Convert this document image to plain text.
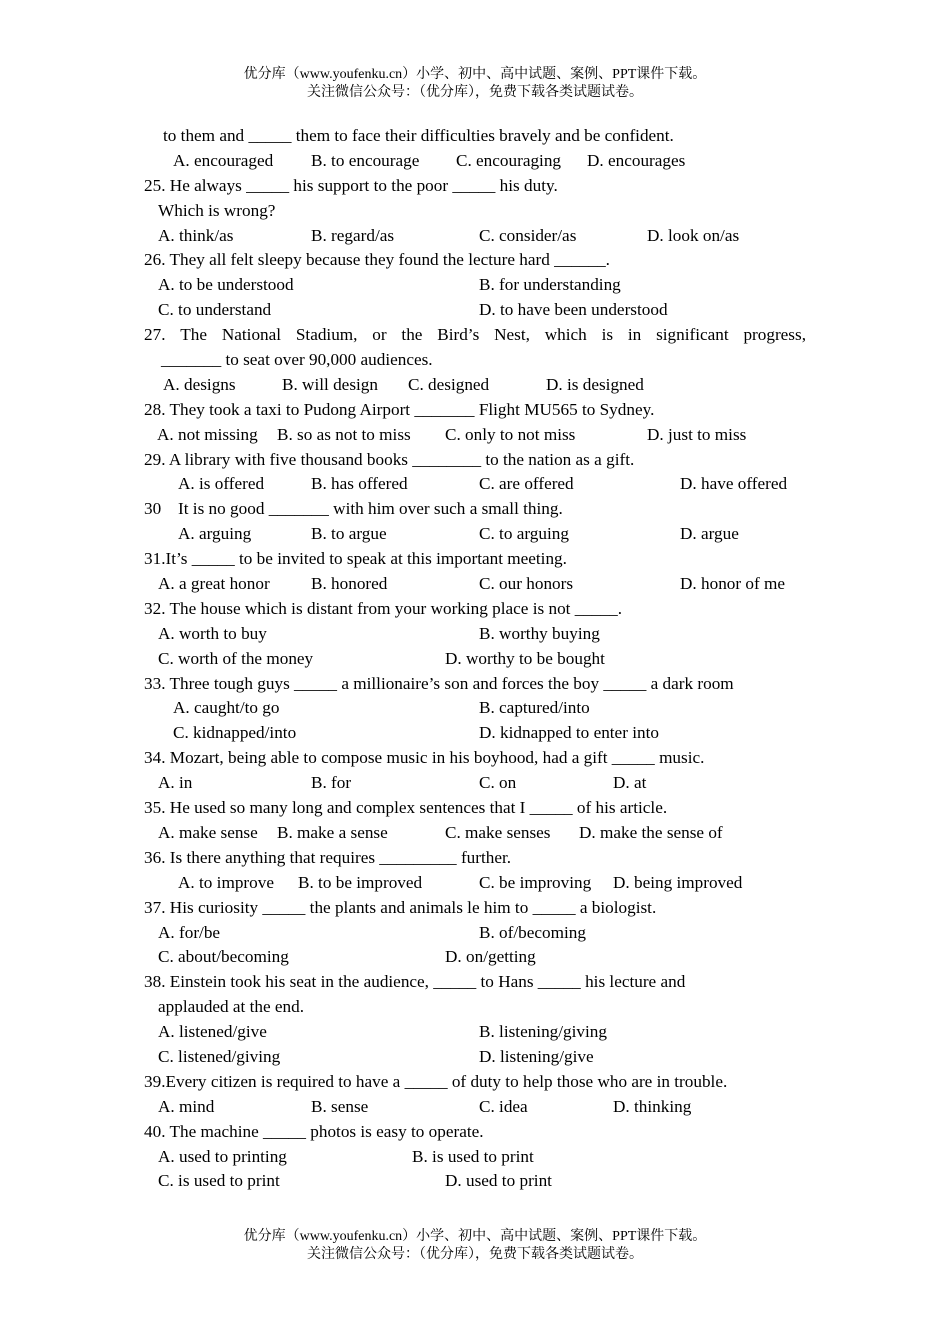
优分库（www.youfenku.cn）小学、初中、高中试题、案例、PPT课件下载。
关注微信公众号：（优分库），免费下载各类试题试卷。
to them and _____ them to face their difficulties bravely and be confident.
A. encouraged B. to encourage C. encouraging D. encourages
25. He always _____ his support to the poor _____ his duty.
Which is wrong?
A. think/as	B. regard/as	C. consider/as	D. look on/as
26. They all felt sleepy because they found the lecture hard ______.
A. to be understood	B. for understanding
C. to understand	D. to have been understood
27. The National Stadium, or the Bird’s Nest, which is in significant progress,
_______ to seat over 90,000 audiences.
A. designs	B. will design C. designed	D. is designed
28. They took a taxi to Pudong Airport _______ Flight MU565 to Sydney.
A. not missing B. so as not to miss C. only to not miss	D. just to miss
29. A library with five thousand books ________ to the nation as a gift.
A. is offered	B. has offered	C. are offered	D. have offered
30 It is no good _______ with him over such a small thing.
A. arguing	B. to argue	C. to arguing	D. argue
31.It’s _____ to be invited to speak at this important meeting.
A. a great honor B. honored	C. our honors	D. honor of me
32. The house which is distant from your working place is not _____.
A. worth to buy	B. worthy buying
C. worth of the money	D. worthy to be bought
33. Three tough guys _____ a millionaire’s son and forces the boy _____ a dark room
A. caught/to go	B. captured/into
C. kidnapped/into	D. kidnapped to enter into
34. Mozart, being able to compose music in his boyhood, had a gift _____ music.
A. in	B. for	C. on	D. at
35. He used so many long and complex sentences that I _____ of his article.
A. make sense B. make a sense	C. make senses D. make the sense of
36. Is there anything that requires _________ further.
A. to improve B. to be improved	C. be improving D. being improved
37. His curiosity _____ the plants and animals le him to _____ a biologist.
A. for/be	B. of/becoming
C. about/becoming	D. on/getting
38. Einstein took his seat in the audience, _____ to Hans _____ his lecture and
applauded at the end.
A. listened/give	B. listening/giving
C. listened/giving	D. listening/give
39.Every citizen is required to have a _____ of duty to help those who are in trouble.
A. mind	B. sense	C. idea	D. thinking
40. The machine _____ photos is easy to operate.
A. used to printing	B. is used to print
C. is used to print	D. used to print
优分库（www.youfenku.cn）小学、初中、高中试题、案例、PPT课件下载。
关注微信公众号：（优分库），免费下载各类试题试卷。
